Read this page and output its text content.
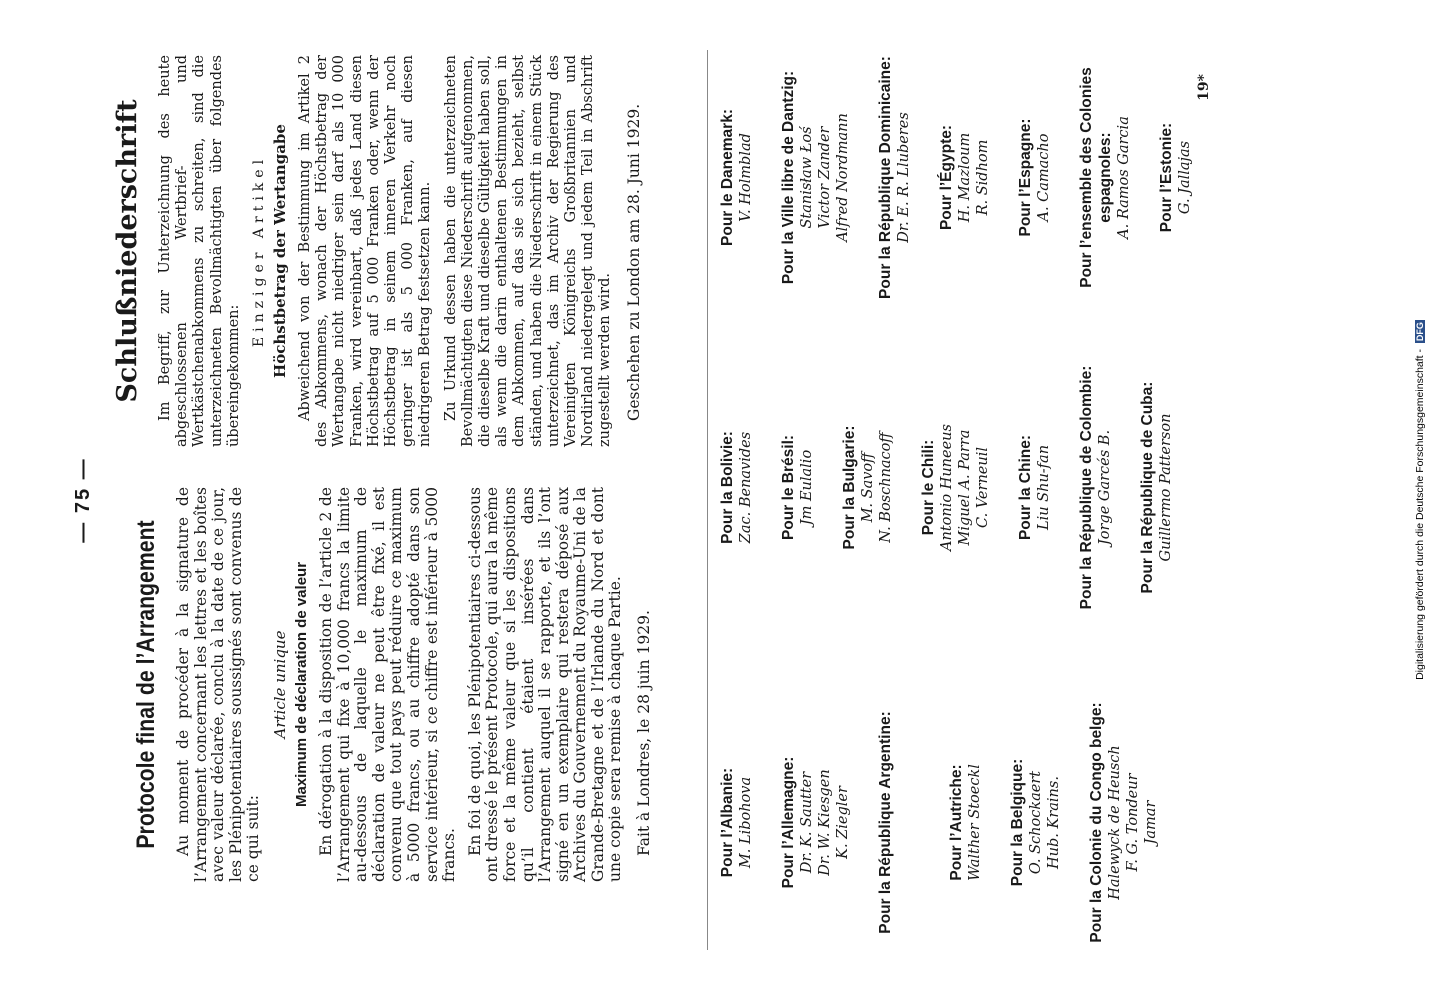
— 75 —
Protocole final de l’Arrangement Au moment de procéder à la signature de l’Arrangement concernant les lettres et les boîtes avec valeur déclarée, conclu à la date de ce jour, les Plénipotentiaires soussignés sont convenus de ce qui suit:

Article unique Maximum de déclaration de valeur En dérogation à la disposition de l’article 2 de l’Arrangement qui fixe à 10,000 francs la limite au-dessous de laquelle le maximum de déclaration de valeur ne peut être fixé, il est convenu que tout pays peut réduire ce maximum à 5000 francs, ou au chiffre adopté dans son service intérieur, si ce chiffre est inférieur à 5000 francs. En foi de quoi, les Plénipotentiaires ci-dessous ont dressé le présent Protocole, qui aura la même force et la même valeur que si les dispositions qu’il contient étaient insérées dans l’Arrangement auquel il se rapporte, et ils l’ont signé en un exemplaire qui restera déposé aux Archives du Gouvernement du Royaume-Uni de la Grande-Bretagne et de l’Irlande du Nord et dont une copie sera remise à chaque Partie. Fait à Londres, le 28 juin 1929.

Schlußniederschrift Im Begriff, zur Unterzeichnung des heute abgeschlossenen Wertbrief- und Wertkästchenabkommens zu schreiten, sind die unterzeichneten Bevollmächtigten über folgendes übereingekommen:

Einziger Artikel Höchstbetrag der Wertangabe Abweichend von der Bestimmung im Artikel 2 des Abkommens, wonach der Höchstbetrag der Wertangabe nicht niedriger sein darf als 10 000 Franken, wird vereinbart, daß jedes Land diesen Höchstbetrag auf 5 000 Franken oder, wenn der Höchstbetrag in seinem inneren Verkehr noch geringer ist als 5 000 Franken, auf diesen niedrigeren Betrag festsetzen kann. Zu Urkund dessen haben die unterzeichneten Bevollmächtigten diese Niederschrift aufgenommen, die dieselbe Kraft und dieselbe Gültigkeit haben soll, als wenn die darin enthaltenen Bestimmungen in dem Abkommen, auf das sie sich bezieht, selbst ständen, und haben die Niederschrift in einem Stück unterzeichnet, das im Archiv der Regierung des Vereinigten Königreichs Großbritannien und Nordirland niedergelegt und jedem Teil in Abschrift zugestellt werden wird. Geschehen zu London am 28. Juni 1929.

Pour l’Albanie: M. Libohova Pour l’Allemagne: Dr. K. Sautter Dr. W. Kiesgen K. Ziegler Pour la République Argentine:	Pour l’Autriche: Walther Stoeckl Pour la Belgique: O. Schockaert Hub. Krains. Pour la Colonie du Congo belge: Halewyck de Heusch F. G. Tondeur Jamar

Pour la Bolivie: Zac. Benavides Pour le Brésil: Jm Eulalio Pour la Bulgarie: M. Savoff N. Boschnacoff Pour le Chili: Antonio Huneeus Miguel A. Parra C. Verneuil Pour la Chine: Liu Shu-fan Pour la République de Colombie: Jorge Garcés B. Pour la République de Cuba: Guillermo Patterson

Pour le Danemark: V. Holmblad Pour la Ville libre de Dantzig: Stanisław Łoś Victor Zander Alfred Nordmann Pour la République Dominicaine: Dr. E. R. Lluberes Pour l’Égypte: H. Mazloum R. Sidhom Pour l’Espagne: A. Camacho Pour l’ensemble des Colonies espagnoles: A. Ramos Garcia Pour l’Estonie: G. Jallajas

19*
Digitalisierung gefördert durch die Deutsche Forschungsgemeinschaft - DFG
